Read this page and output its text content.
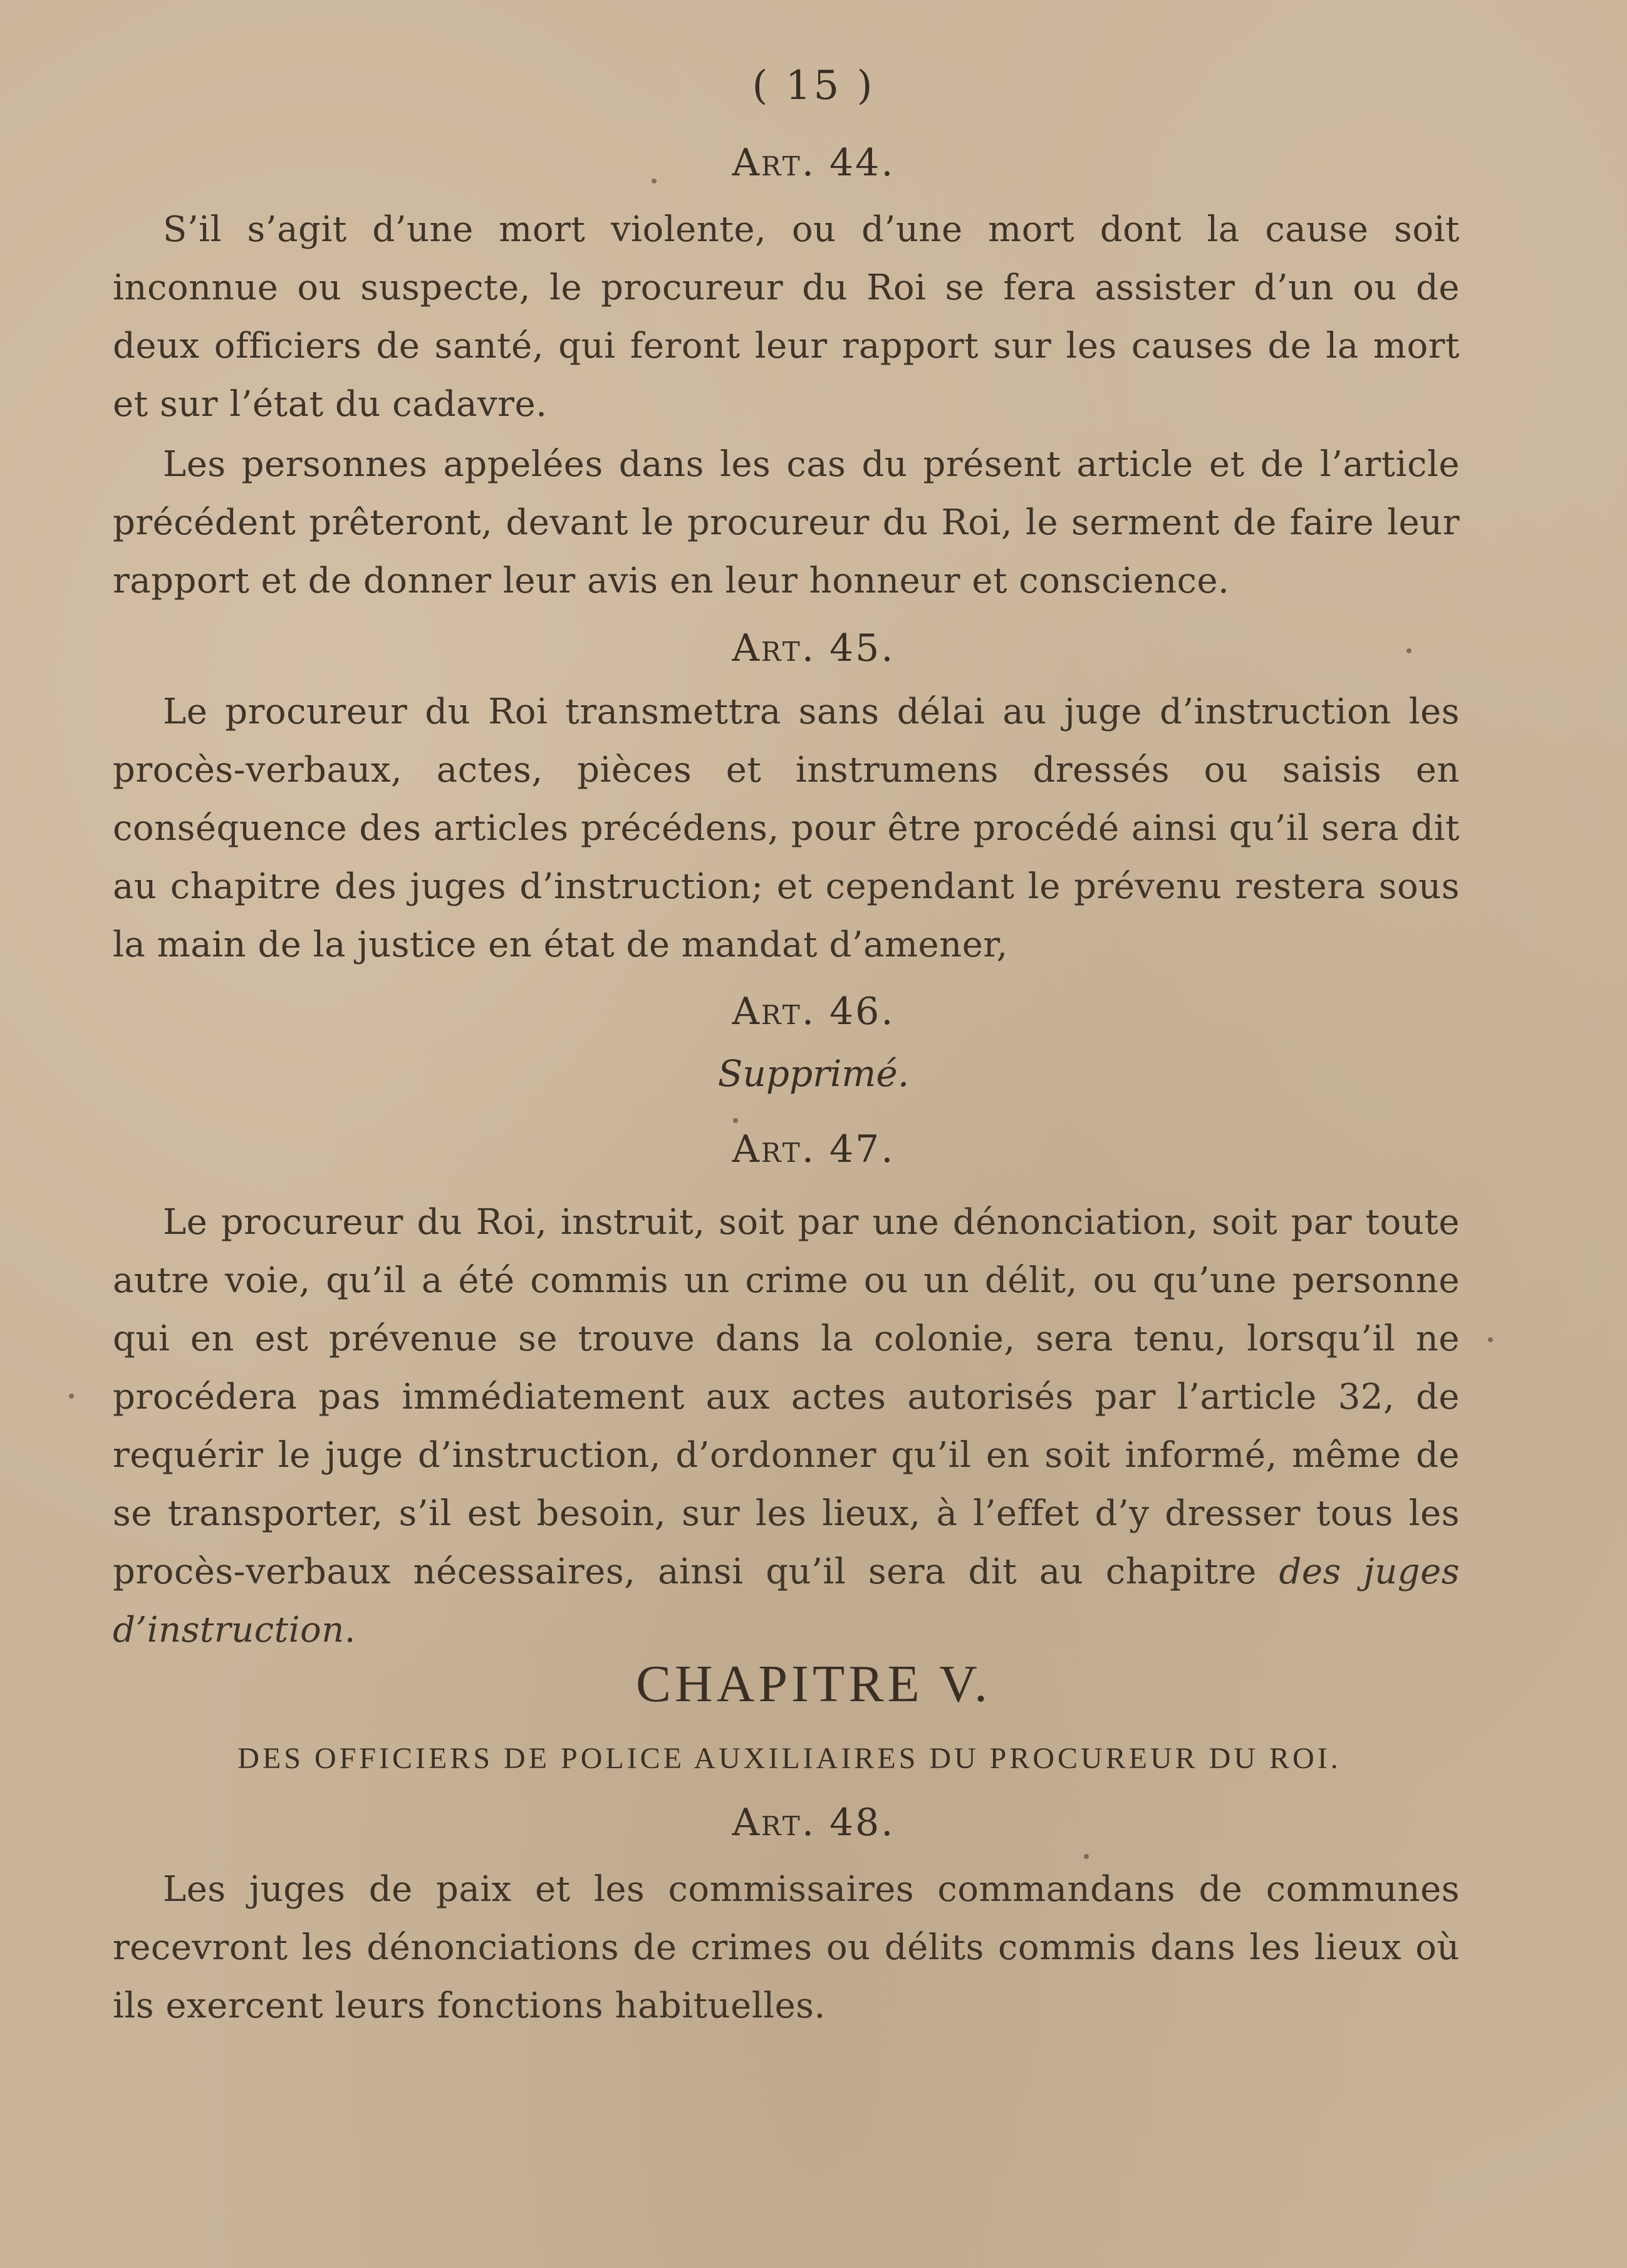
( 15 )
Art. 44.
S’il s’agit d’une mort violente, ou d’une mort dont la cause soit inconnue ou suspecte, le procureur du Roi se fera assister d’un ou de deux officiers de santé, qui feront leur rapport sur les causes de la mort et sur l’état du cadavre.
Les personnes appelées dans les cas du présent article et de l’article précédent prêteront, devant le procureur du Roi, le serment de faire leur rapport et de donner leur avis en leur honneur et conscience.
Art. 45.
Le procureur du Roi transmettra sans délai au juge d’instruction les procès-verbaux, actes, pièces et instrumens dressés ou saisis en conséquence des articles précédens, pour être procédé ainsi qu’il sera dit au chapitre des juges d’instruction; et cependant le prévenu restera sous la main de la justice en état de mandat d’amener,
Art. 46.
Supprimé.
Art. 47.
Le procureur du Roi, instruit, soit par une dénonciation, soit par toute autre voie, qu’il a été commis un crime ou un délit, ou qu’une personne qui en est prévenue se trouve dans la colonie, sera tenu, lorsqu’il ne procédera pas immédiatement aux actes autorisés par l’article 32, de requérir le juge d’instruction, d’ordonner qu’il en soit informé, même de se transporter, s’il est besoin, sur les lieux, à l’effet d’y dresser tous les procès-verbaux nécessaires, ainsi qu’il sera dit au chapitre des juges d’instruction.
CHAPITRE V.
DES OFFICIERS DE POLICE AUXILIAIRES DU PROCUREUR DU ROI.
Art. 48.
Les juges de paix et les commissaires commandans de communes recevront les dénonciations de crimes ou délits commis dans les lieux où ils exercent leurs fonctions habituelles.
